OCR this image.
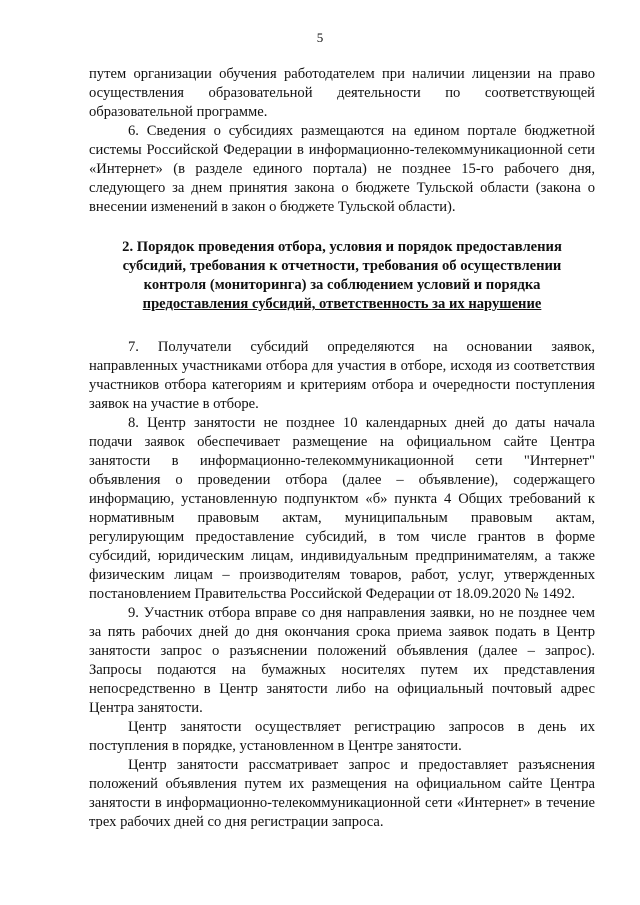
5

путем организации обучения работодателем при наличии лицензии на право осуществления образовательной деятельности по соответствующей образовательной программе.

6. Сведения о субсидиях размещаются на едином портале бюджетной системы Российской Федерации в информационно-телекоммуникационной сети «Интернет» (в разделе единого портала) не позднее 15-го рабочего дня, следующего за днем принятия закона о бюджете Тульской области (закона о внесении изменений в закон о бюджете Тульской области).

2. Порядок проведения отбора, условия и порядок предоставления
субсидий, требования к отчетности, требования об осуществлении
контроля (мониторинга) за соблюдением условий и порядка
предоставления субсидий, ответственность за их нарушение

7. Получатели субсидий определяются на основании заявок, направленных участниками отбора для участия в отборе, исходя из соответствия участников отбора категориям и критериям отбора и очередности поступления заявок на участие в отборе.

8. Центр занятости не позднее 10 календарных дней до даты начала подачи заявок обеспечивает размещение на официальном сайте Центра занятости в информационно-телекоммуникационной сети "Интернет" объявления о проведении отбора (далее – объявление), содержащего информацию, установленную подпунктом «б» пункта 4 Общих требований к нормативным правовым актам, муниципальным правовым актам, регулирующим предоставление субсидий, в том числе грантов в форме субсидий, юридическим лицам, индивидуальным предпринимателям, а также физическим лицам – производителям товаров, работ, услуг, утвержденных постановлением Правительства Российской Федерации от 18.09.2020 № 1492.

9. Участник отбора вправе со дня направления заявки, но не позднее чем за пять рабочих дней до дня окончания срока приема заявок подать в Центр занятости запрос о разъяснении положений объявления (далее – запрос). Запросы подаются на бумажных носителях путем их представления непосредственно в Центр занятости либо на официальный почтовый адрес Центра занятости.

Центр занятости осуществляет регистрацию запросов в день их поступления в порядке, установленном в Центре занятости.

Центр занятости рассматривает запрос и предоставляет разъяснения положений объявления путем их размещения на официальном сайте Центра занятости в информационно-телекоммуникационной сети «Интернет» в течение трех рабочих дней со дня регистрации запроса.
